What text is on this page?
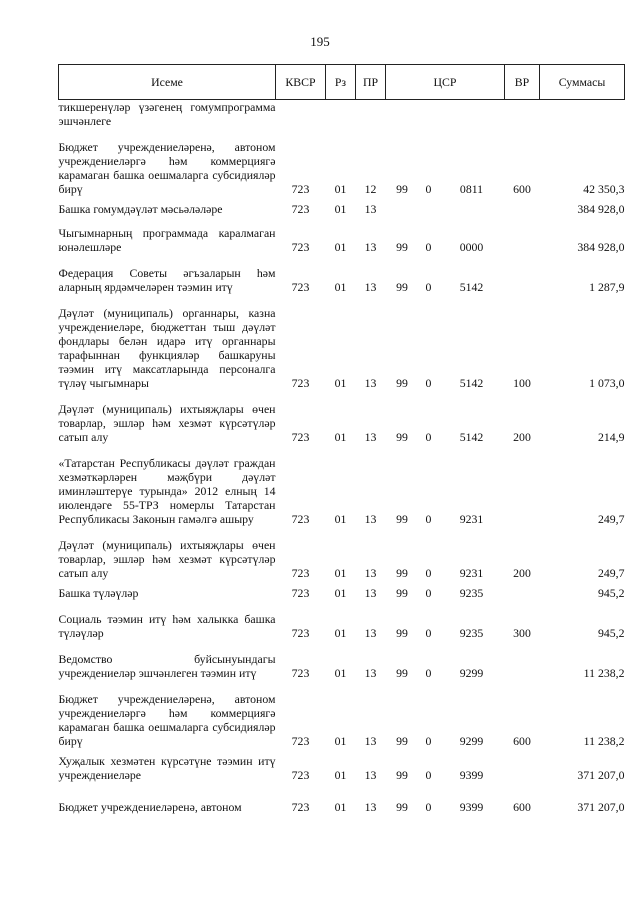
195
Исеме	КВСР	Рз	ПР	ЦСР			ВР	Суммасы
тикшеренүләр үзәгенең гомумпрограмма эшчәнлеге								

Бюджет учреждениеләренә, автоном учреждениеләргә һәм коммерциягә карамаган башка оешмаларга субсидияләр бирү	723	01	12	99	0	0811	600	42 350,3

Башка гомумдәүләт мәсьәләләре	723	01	13					384 928,0

Чыгымнарның программада каралмаган юнәлешләре	723	01	13	99	0	0000		384 928,0

Федерация Советы әгъзаларын һәм аларның ярдәмчеләрен тәэмин итү	723	01	13	99	0	5142		1 287,9

Дәүләт (муниципаль) органнары, казна учреждениеләре, бюджеттан тыш дәүләт фондлары белән идарә итү органнары тарафыннан функцияләр башкаруны тәэмин итү максатларында персоналга түләү чыгымнары	723	01	13	99	0	5142	100	1 073,0

Дәүләт (муниципаль) ихтыяҗлары өчен товарлар, эшләр һәм хезмәт күрсәтүләр сатып алу	723	01	13	99	0	5142	200	214,9

«Татарстан Республикасы дәүләт граждан хезмәткәрләрен мәҗбүри дәүләт иминләштерүе турында» 2012 елның 14 июлендәге 55-ТРЗ номерлы Татарстан Республикасы Законын гамәлгә ашыру	723	01	13	99	0	9231		249,7

Дәүләт (муниципаль) ихтыяҗлары өчен товарлар, эшләр һәм хезмәт күрсәтүләр сатып алу	723	01	13	99	0	9231	200	249,7

Башка түләүләр	723	01	13	99	0	9235		945,2

Социаль тәэмин итү һәм халыкка башка түләүләр	723	01	13	99	0	9235	300	945,2

Ведомство буйсынуындагы учреждениеләр эшчәнлеген тәэмин итү	723	01	13	99	0	9299		11 238,2

Бюджет учреждениеләренә, автоном учреждениеләргә һәм коммерциягә карамаган башка оешмаларга субсидияләр бирү	723	01	13	99	0	9299	600	11 238,2

Хуҗалык хезмәтен күрсәтүне тәэмин итү учреждениеләре	723	01	13	99	0	9399		371 207,0

Бюджет учреждениеләренә, автоном	723	01	13	99	0	9399	600	371 207,0
